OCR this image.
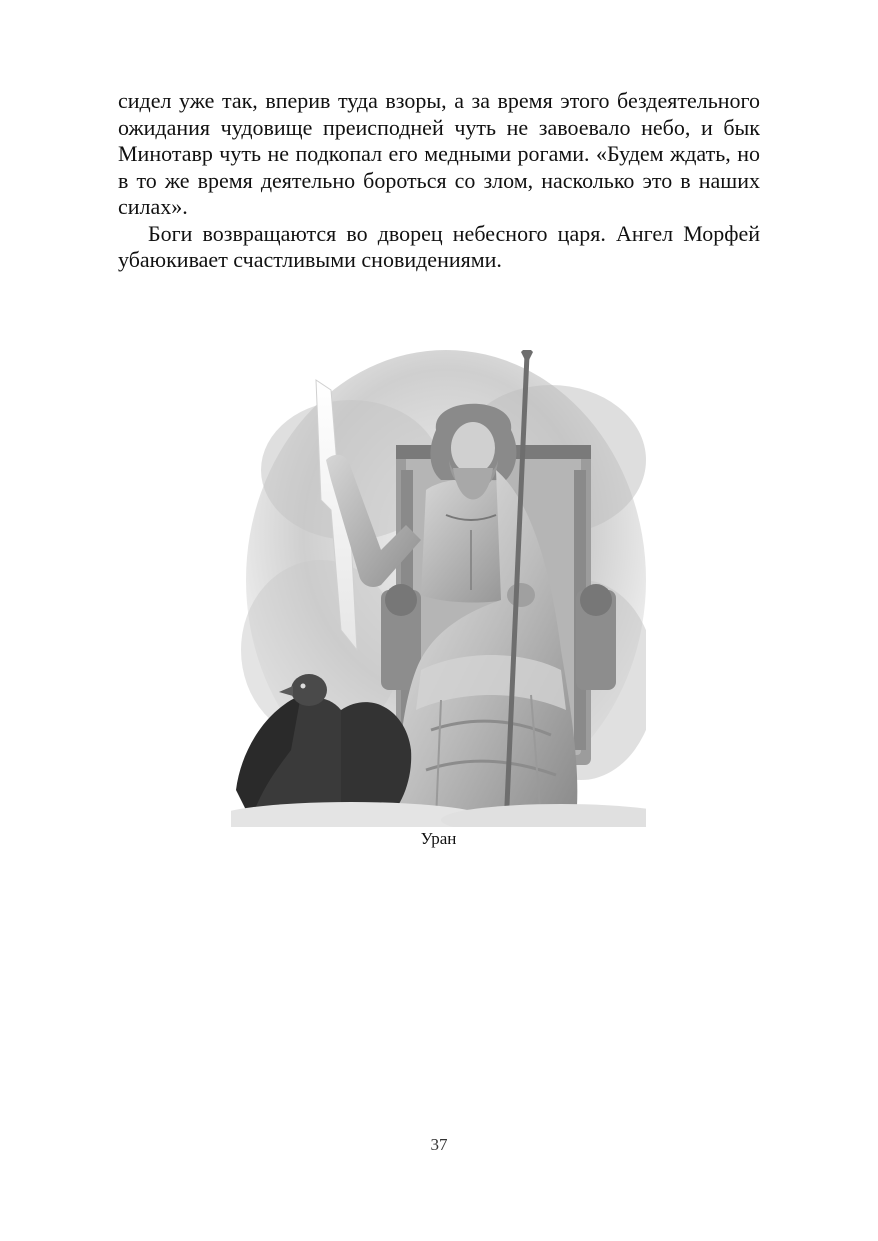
сидел уже так, вперив туда взоры, а за время этого бездеятельного ожидания чудовище преисподней чуть не завоевало небо, и бык Минотавр чуть не подкопал его медными рогами. «Будем ждать, но в то же время деятельно бороться со злом, насколько это в наших силах».

Боги возвращаются во дворец небесного царя. Ангел Морфей убаюкивает счастливыми сновидениями.

Уран
37
